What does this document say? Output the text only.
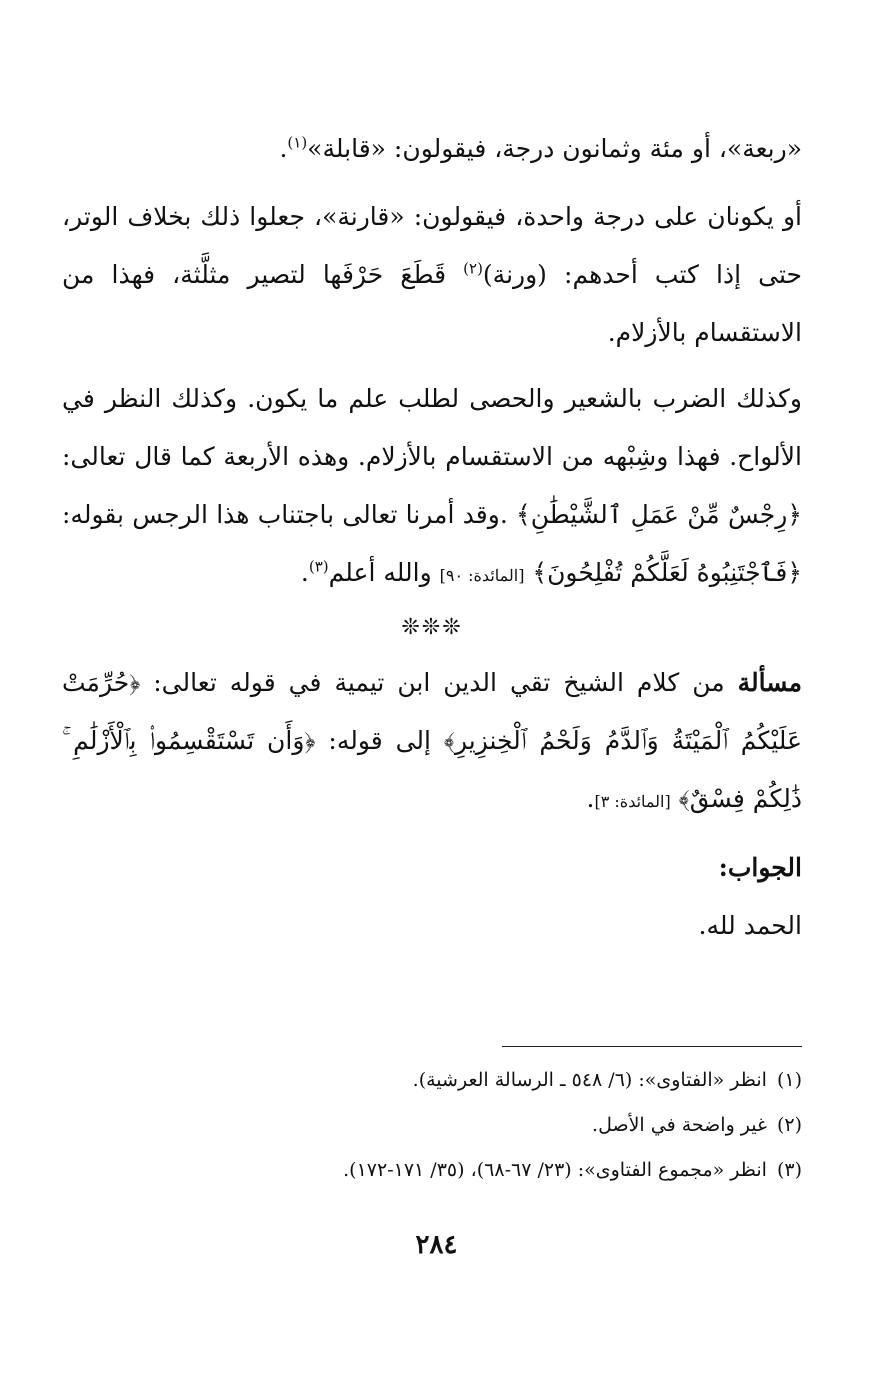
«ربعة»، أو مئة وثمانون درجة، فيقولون: «قابلة»$^{(١)}$.

أو يكونان على درجة واحدة، فيقولون: «قارنة»، جعلوا ذلك بخلاف الوتر، حتى إذا كتب أحدهم: (ورنة)$^{(٢)}$ قَطَعَ حَرْفَها لتصير مثلَّثة، فهذا من الاستقسام بالأزلام.

وكذلك الضرب بالشعير والحصى لطلب علم ما يكون. وكذلك النظر في الألواح. فهذا وشِبْهه من الاستقسام بالأزلام. وهذه الأربعة كما قال تعالى: ﴿رِجْسٌ مِّنْ عَمَلِ ٱلشَّيْطَٰنِ﴾ .وقد أمرنا تعالى باجتناب هذا الرجس بقوله: ﴿فَٱجْتَنِبُوهُ لَعَلَّكُمْ تُفْلِحُونَ﴾ [المائدة: ٩٠] والله أعلم$^{(٣)}$.

❊❊❊

مسألة من كلام الشيخ تقي الدين ابن تيمية في قوله تعالى: ﴿حُرِّمَتْ عَلَيْكُمُ ٱلْمَيْتَةُ وَٱلدَّمُ وَلَحْمُ ٱلْخِنزِيرِ﴾ إلى قوله: ﴿وَأَن تَسْتَقْسِمُوا۟ بِٱلْأَزْلَٰمِ ۚ ذَٰلِكُمْ فِسْقٌ﴾ [المائدة: ٣].

الجواب:

الحمد لله.

(١)انظر «الفتاوى»: (٦/ ٥٤٨ ـ الرسالة العرشية).

(٢)غير واضحة في الأصل.

(٣)انظر «مجموع الفتاوى»: (٢٣/ ٦٧-٦٨)، (٣٥/ ١٧١-١٧٢).

٢٨٤
